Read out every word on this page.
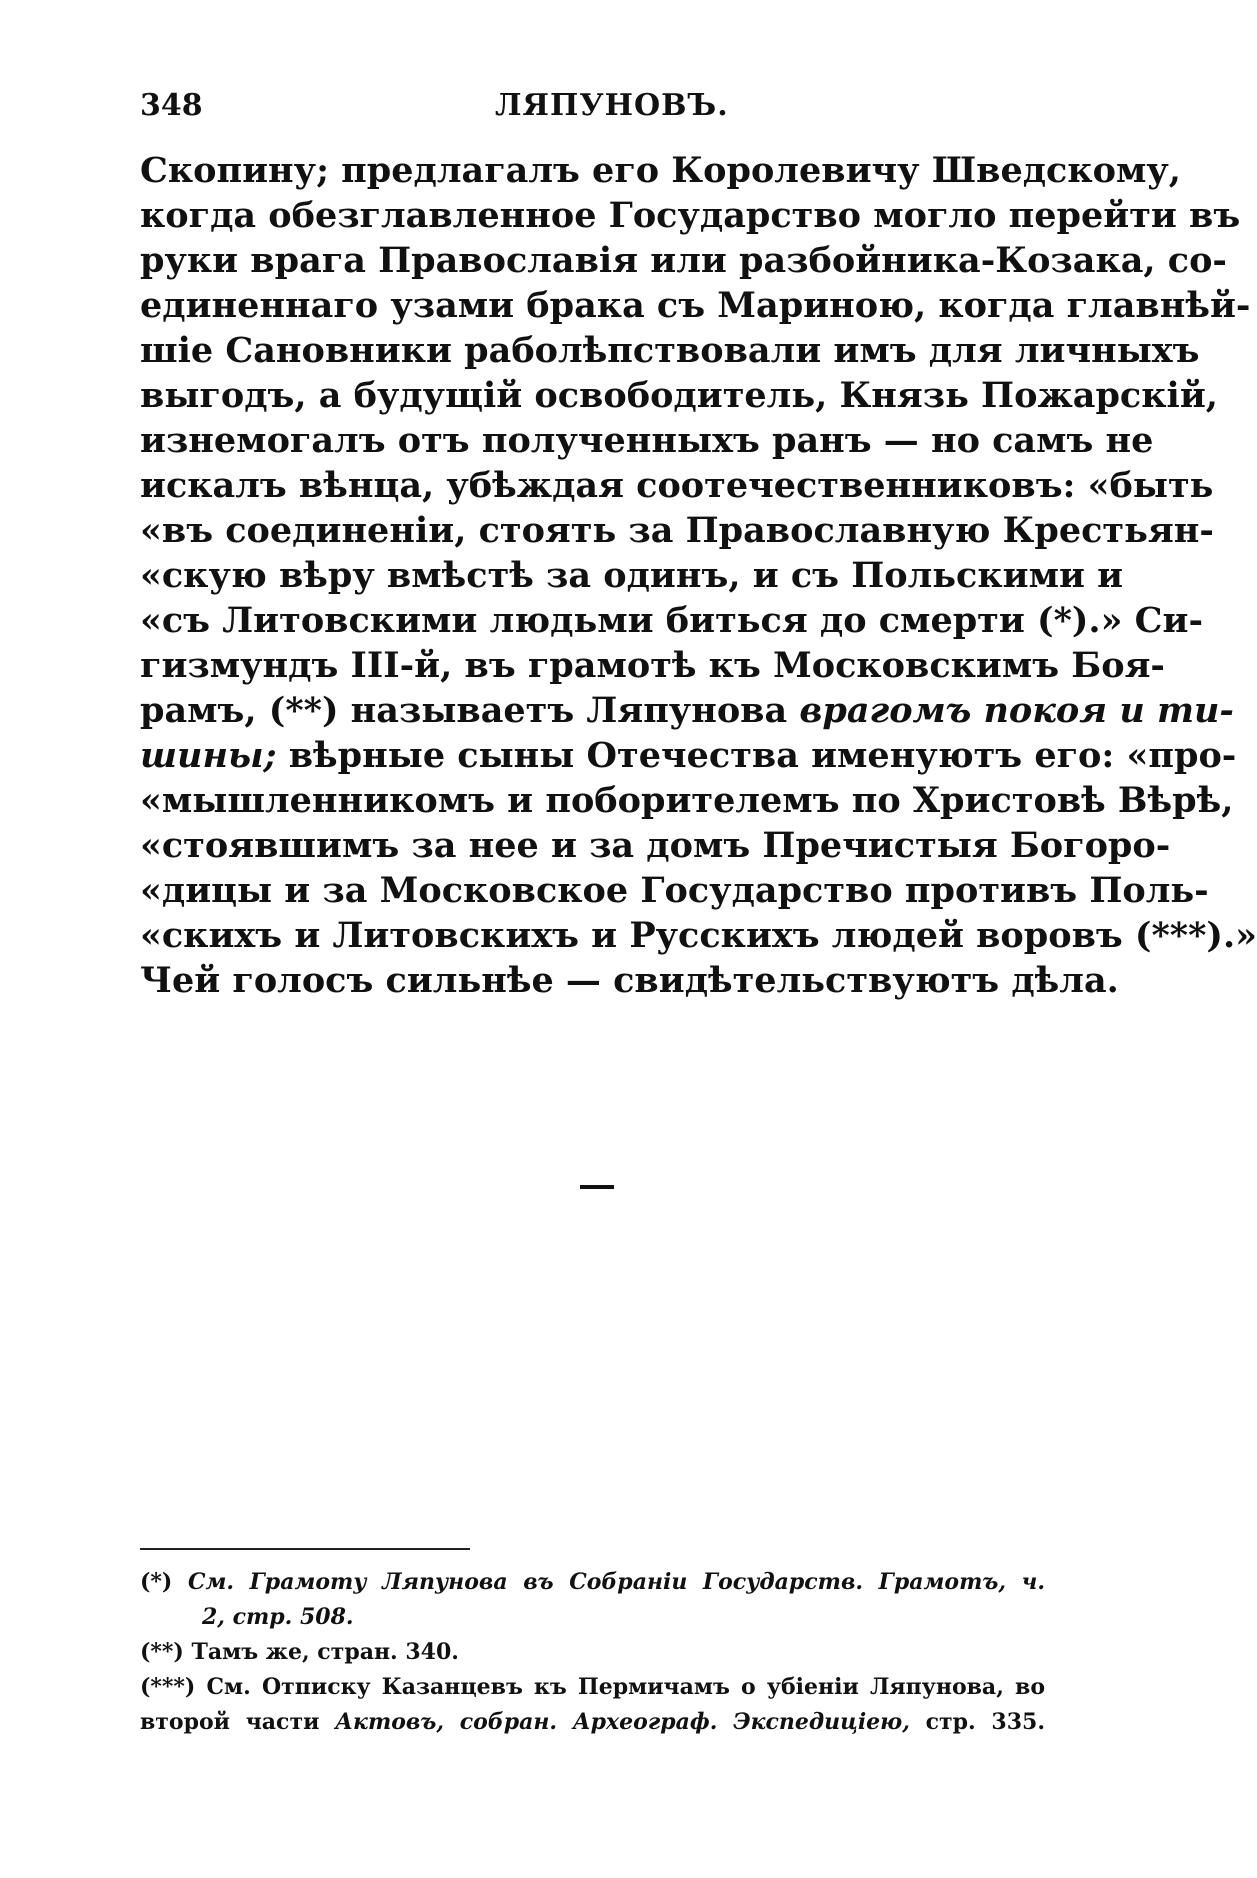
348	ЛЯПУНОВЪ.
Скопину; предлагалъ его Королевичу Шведскому,
когда обезглавленное Государство могло перейти въ
руки врага Православія или разбойника-Козака, со-
единеннаго узами брака съ Мариною, когда главнѣй-
шіе Сановники раболѣпствовали имъ для личныхъ
выгодъ, а будущій освободитель, Князь Пожарскій,
изнемогалъ отъ полученныхъ ранъ — но самъ не
искалъ вѣнца, убѣждая соотечественниковъ: «быть
«въ соединеніи, стоять за Православную Крестьян-
«скую вѣру вмѣстѣ за одинъ, и съ Польскими и
«съ Литовскими людьми биться до смерти (*).» Си-
гизмундъ III-й, въ грамотѣ къ Московскимъ Боя-
рамъ, (**) называетъ Ляпунова врагомъ покоя и ти-
шины; вѣрные сыны Отечества именуютъ его: «про-
«мышленникомъ и поборителемъ по Христовѣ Вѣрѣ,
«стоявшимъ за нее и за домъ Пречистыя Богоро-
«дицы и за Московское Государство противъ Поль-
«скихъ и Литовскихъ и Русскихъ людей воровъ (***).»
Чей голосъ сильнѣе — свидѣтельствуютъ дѣла.
(*) См. Грамоту Ляпунова въ Собраніи Государств. Грамотъ, ч.
2, стр. 508.
(**) Тамъ же, стран. 340.
(***) См. Отписку Казанцевъ къ Пермичамъ о убіеніи Ляпунова, во
второй части Актовъ, собран. Археограф. Экспедиціею, стр. 335.
